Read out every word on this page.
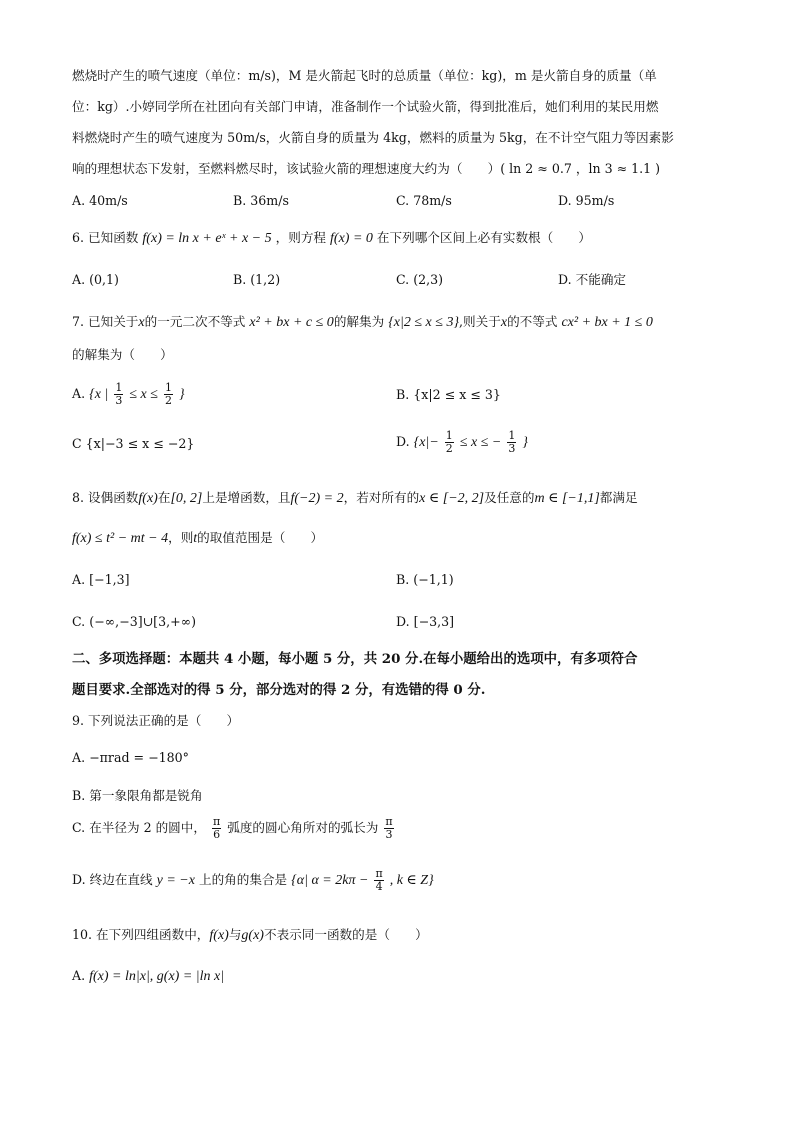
燃烧时产生的喷气速度（单位：m/s)，M 是火箭起飞时的总质量（单位：kg)，m 是火箭自身的质量（单
位：kg）.小婷同学所在社团向有关部门申请，准备制作一个试验火箭，得到批准后，她们利用的某民用燃
料燃烧时产生的喷气速度为 50m/s，火箭自身的质量为 4kg，燃料的质量为 5kg，在不计空气阻力等因素影
响的理想状态下发射，至燃料燃尽时，该试验火箭的理想速度大约为（　　）( ln 2 ≈ 0.7 ，ln 3 ≈ 1.1 )
A. 40m/s	B. 36m/s	C. 78m/s	D. 95m/s
6. 已知函数 f(x) = ln x + eˣ + x − 5 ，则方程 f(x) = 0 在下列哪个区间上必有实数根（　　）
A. (0,1)	B. (1,2)	C. (2,3)	D. 不能确定
7. 已知关于x的一元二次不等式 x² + bx + c ≤ 0的解集为 {x|2 ≤ x ≤ 3},则关于x的不等式 cx² + bx + 1 ≤ 0
的解集为（　　）
A. {x | $\frac{1}{3} \le x \le \frac{1}{2}$ }	B. {x|2 ≤ x ≤ 3}
C {x|−3 ≤ x ≤ −2}	D. {$x|- \frac{1}{2} \le x$ ≤ − $\frac{1}{3}$ }
8. 设偶函数f(x)在[0, 2]上是增函数，且f(−2) = 2，若对所有的x ∈ [−2, 2]及任意的m ∈ [−1,1]都满足
f(x) ≤ t² − mt − 4，则t的取值范围是（　　）
A. [−1,3]	B. (−1,1)
C. (−∞,−3]∪[3,+∞)	D. [−3,3]
二、多项选择题：本题共 4 小题，每小题 5 分，共 20 分.在每小题给出的选项中，有多项符合
题目要求.全部选对的得 5 分，部分选对的得 2 分，有选错的得 0 分.
9. 下列说法正确的是（　　）
A. −πrad = −180°
B. 第一象限角都是锐角
C. 在半径为 2 的圆中， $\frac{\pi}{6}$ 弧度的圆心角所对的弧长为 $\frac{\pi}{3}$
D. 终边在直线 y = −x 上的角的集合是 {α| $\alpha = 2k\pi - \frac{\pi}{4}$ , k ∈ Z}
10. 在下列四组函数中，f(x)与g(x)不表示同一函数的是（　　）
A. f(x) = ln|x|, g(x) = |ln x|
